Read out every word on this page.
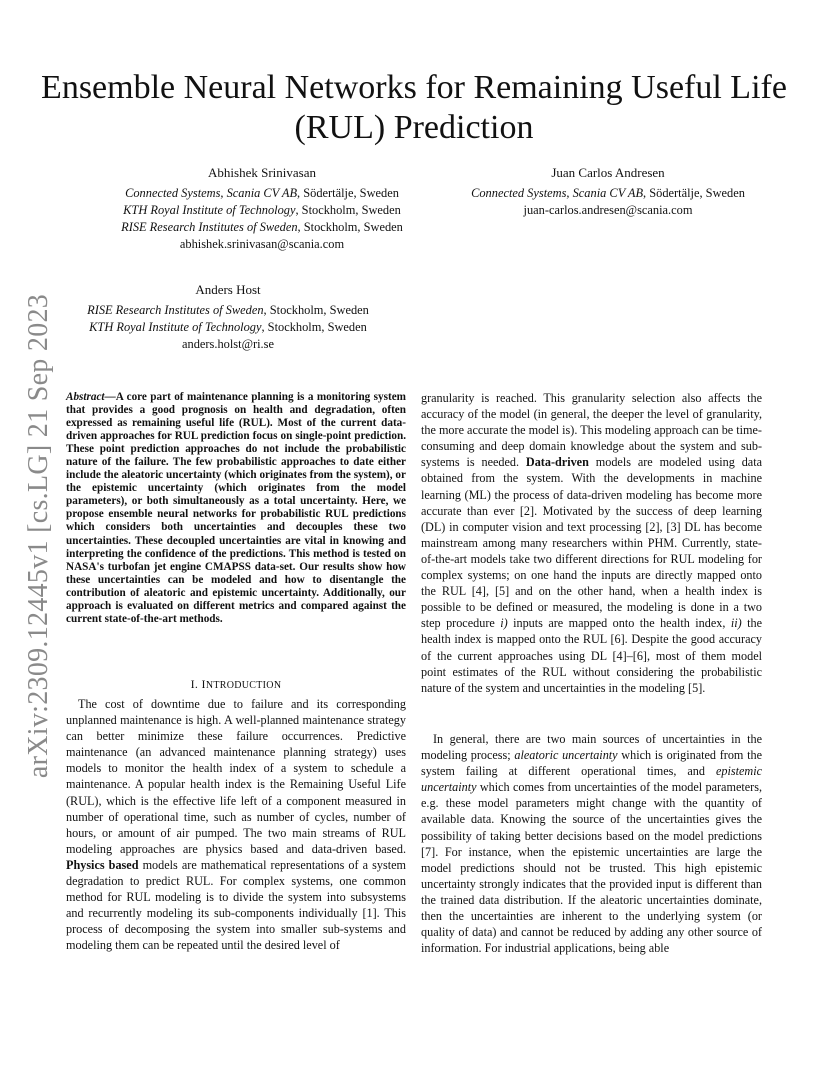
arXiv:2309.12445v1 [cs.LG] 21 Sep 2023
Ensemble Neural Networks for Remaining Useful Life (RUL) Prediction
Abhishek Srinivasan
Connected Systems, Scania CV AB, Södertälje, Sweden
KTH Royal Institute of Technology, Stockholm, Sweden
RISE Research Institutes of Sweden, Stockholm, Sweden
abhishek.srinivasan@scania.com
Juan Carlos Andresen
Connected Systems, Scania CV AB, Södertälje, Sweden
juan-carlos.andresen@scania.com
Anders Host
RISE Research Institutes of Sweden, Stockholm, Sweden
KTH Royal Institute of Technology, Stockholm, Sweden
anders.holst@ri.se
Abstract—A core part of maintenance planning is a monitoring system that provides a good prognosis on health and degradation, often expressed as remaining useful life (RUL). Most of the current data-driven approaches for RUL prediction focus on single-point prediction. These point prediction approaches do not include the probabilistic nature of the failure. The few probabilistic approaches to date either include the aleatoric uncertainty (which originates from the system), or the epistemic uncertainty (which originates from the model parameters), or both simultaneously as a total uncertainty. Here, we propose ensemble neural networks for probabilistic RUL predictions which considers both uncertainties and decouples these two uncertainties. These decoupled uncertainties are vital in knowing and interpreting the confidence of the predictions. This method is tested on NASA's turbofan jet engine CMAPSS data-set. Our results show how these uncertainties can be modeled and how to disentangle the contribution of aleatoric and epistemic uncertainty. Additionally, our approach is evaluated on different metrics and compared against the current state-of-the-art methods.
I. INTRODUCTION
The cost of downtime due to failure and its corresponding unplanned maintenance is high. A well-planned maintenance strategy can better minimize these failure occurrences. Predictive maintenance (an advanced maintenance planning strategy) uses models to monitor the health index of a system to schedule a maintenance. A popular health index is the Remaining Useful Life (RUL), which is the effective life left of a component measured in number of operational time, such as number of cycles, number of hours, or amount of air pumped. The two main streams of RUL modeling approaches are physics based and data-driven based. Physics based models are mathematical representations of a system degradation to predict RUL. For complex systems, one common method for RUL modeling is to divide the system into subsystems and recurrently modeling its sub-components individually [1]. This process of decomposing the system into smaller sub-systems and modeling them can be repeated until the desired level of
granularity is reached. This granularity selection also affects the accuracy of the model (in general, the deeper the level of granularity, the more accurate the model is). This modeling approach can be time-consuming and deep domain knowledge about the system and sub-systems is needed. Data-driven models are modeled using data obtained from the system. With the developments in machine learning (ML) the process of data-driven modeling has become more accurate than ever [2]. Motivated by the success of deep learning (DL) in computer vision and text processing [2], [3] DL has become mainstream among many researchers within PHM. Currently, state-of-the-art models take two different directions for RUL modeling for complex systems; on one hand the inputs are directly mapped onto the RUL [4], [5] and on the other hand, when a health index is possible to be defined or measured, the modeling is done in a two step procedure i) inputs are mapped onto the health index, ii) the health index is mapped onto the RUL [6]. Despite the good accuracy of the current approaches using DL [4]–[6], most of them model point estimates of the RUL without considering the probabilistic nature of the system and uncertainties in the modeling [5].
In general, there are two main sources of uncertainties in the modeling process; aleatoric uncertainty which is originated from the system failing at different operational times, and epistemic uncertainty which comes from uncertainties of the model parameters, e.g. these model parameters might change with the quantity of available data. Knowing the source of the uncertainties gives the possibility of taking better decisions based on the model predictions [7]. For instance, when the epistemic uncertainties are large the model predictions should not be trusted. This high epistemic uncertainty strongly indicates that the provided input is different than the trained data distribution. If the aleatoric uncertainties dominate, then the uncertainties are inherent to the underlying system (or quality of data) and cannot be reduced by adding any other source of information. For industrial applications, being able
